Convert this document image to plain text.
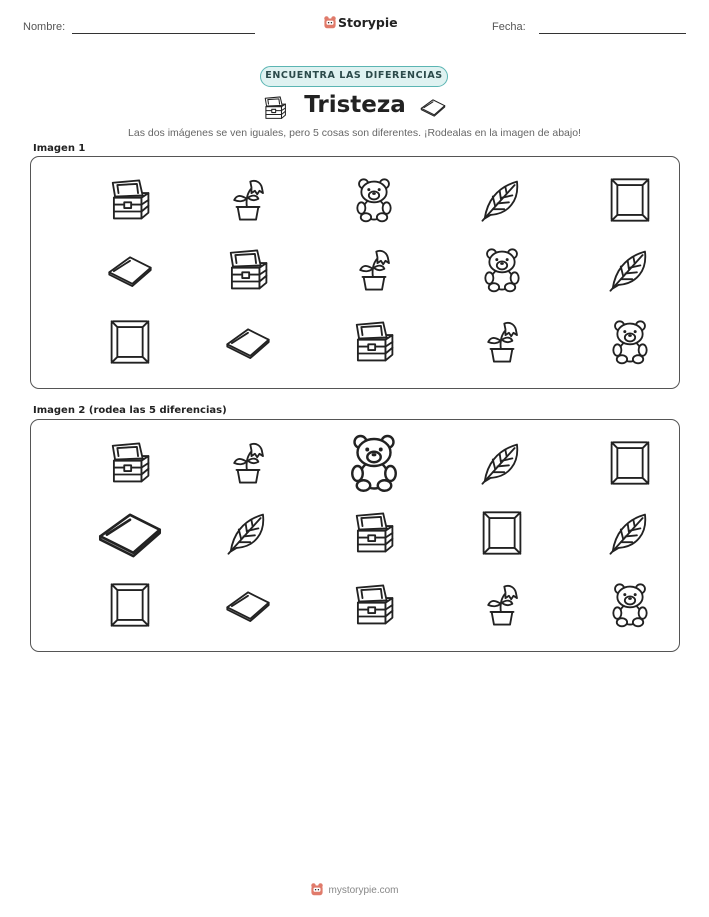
Nombre:	Storypie	Fecha:
ENCUENTRA LAS DIFERENCIAS
Tristeza
Las dos imágenes se ven iguales, pero 5 cosas son diferentes. ¡Rodealas en la imagen de abajo!
Imagen 1
Imagen 2 (rodea las 5 diferencias)
mystorypie.com
